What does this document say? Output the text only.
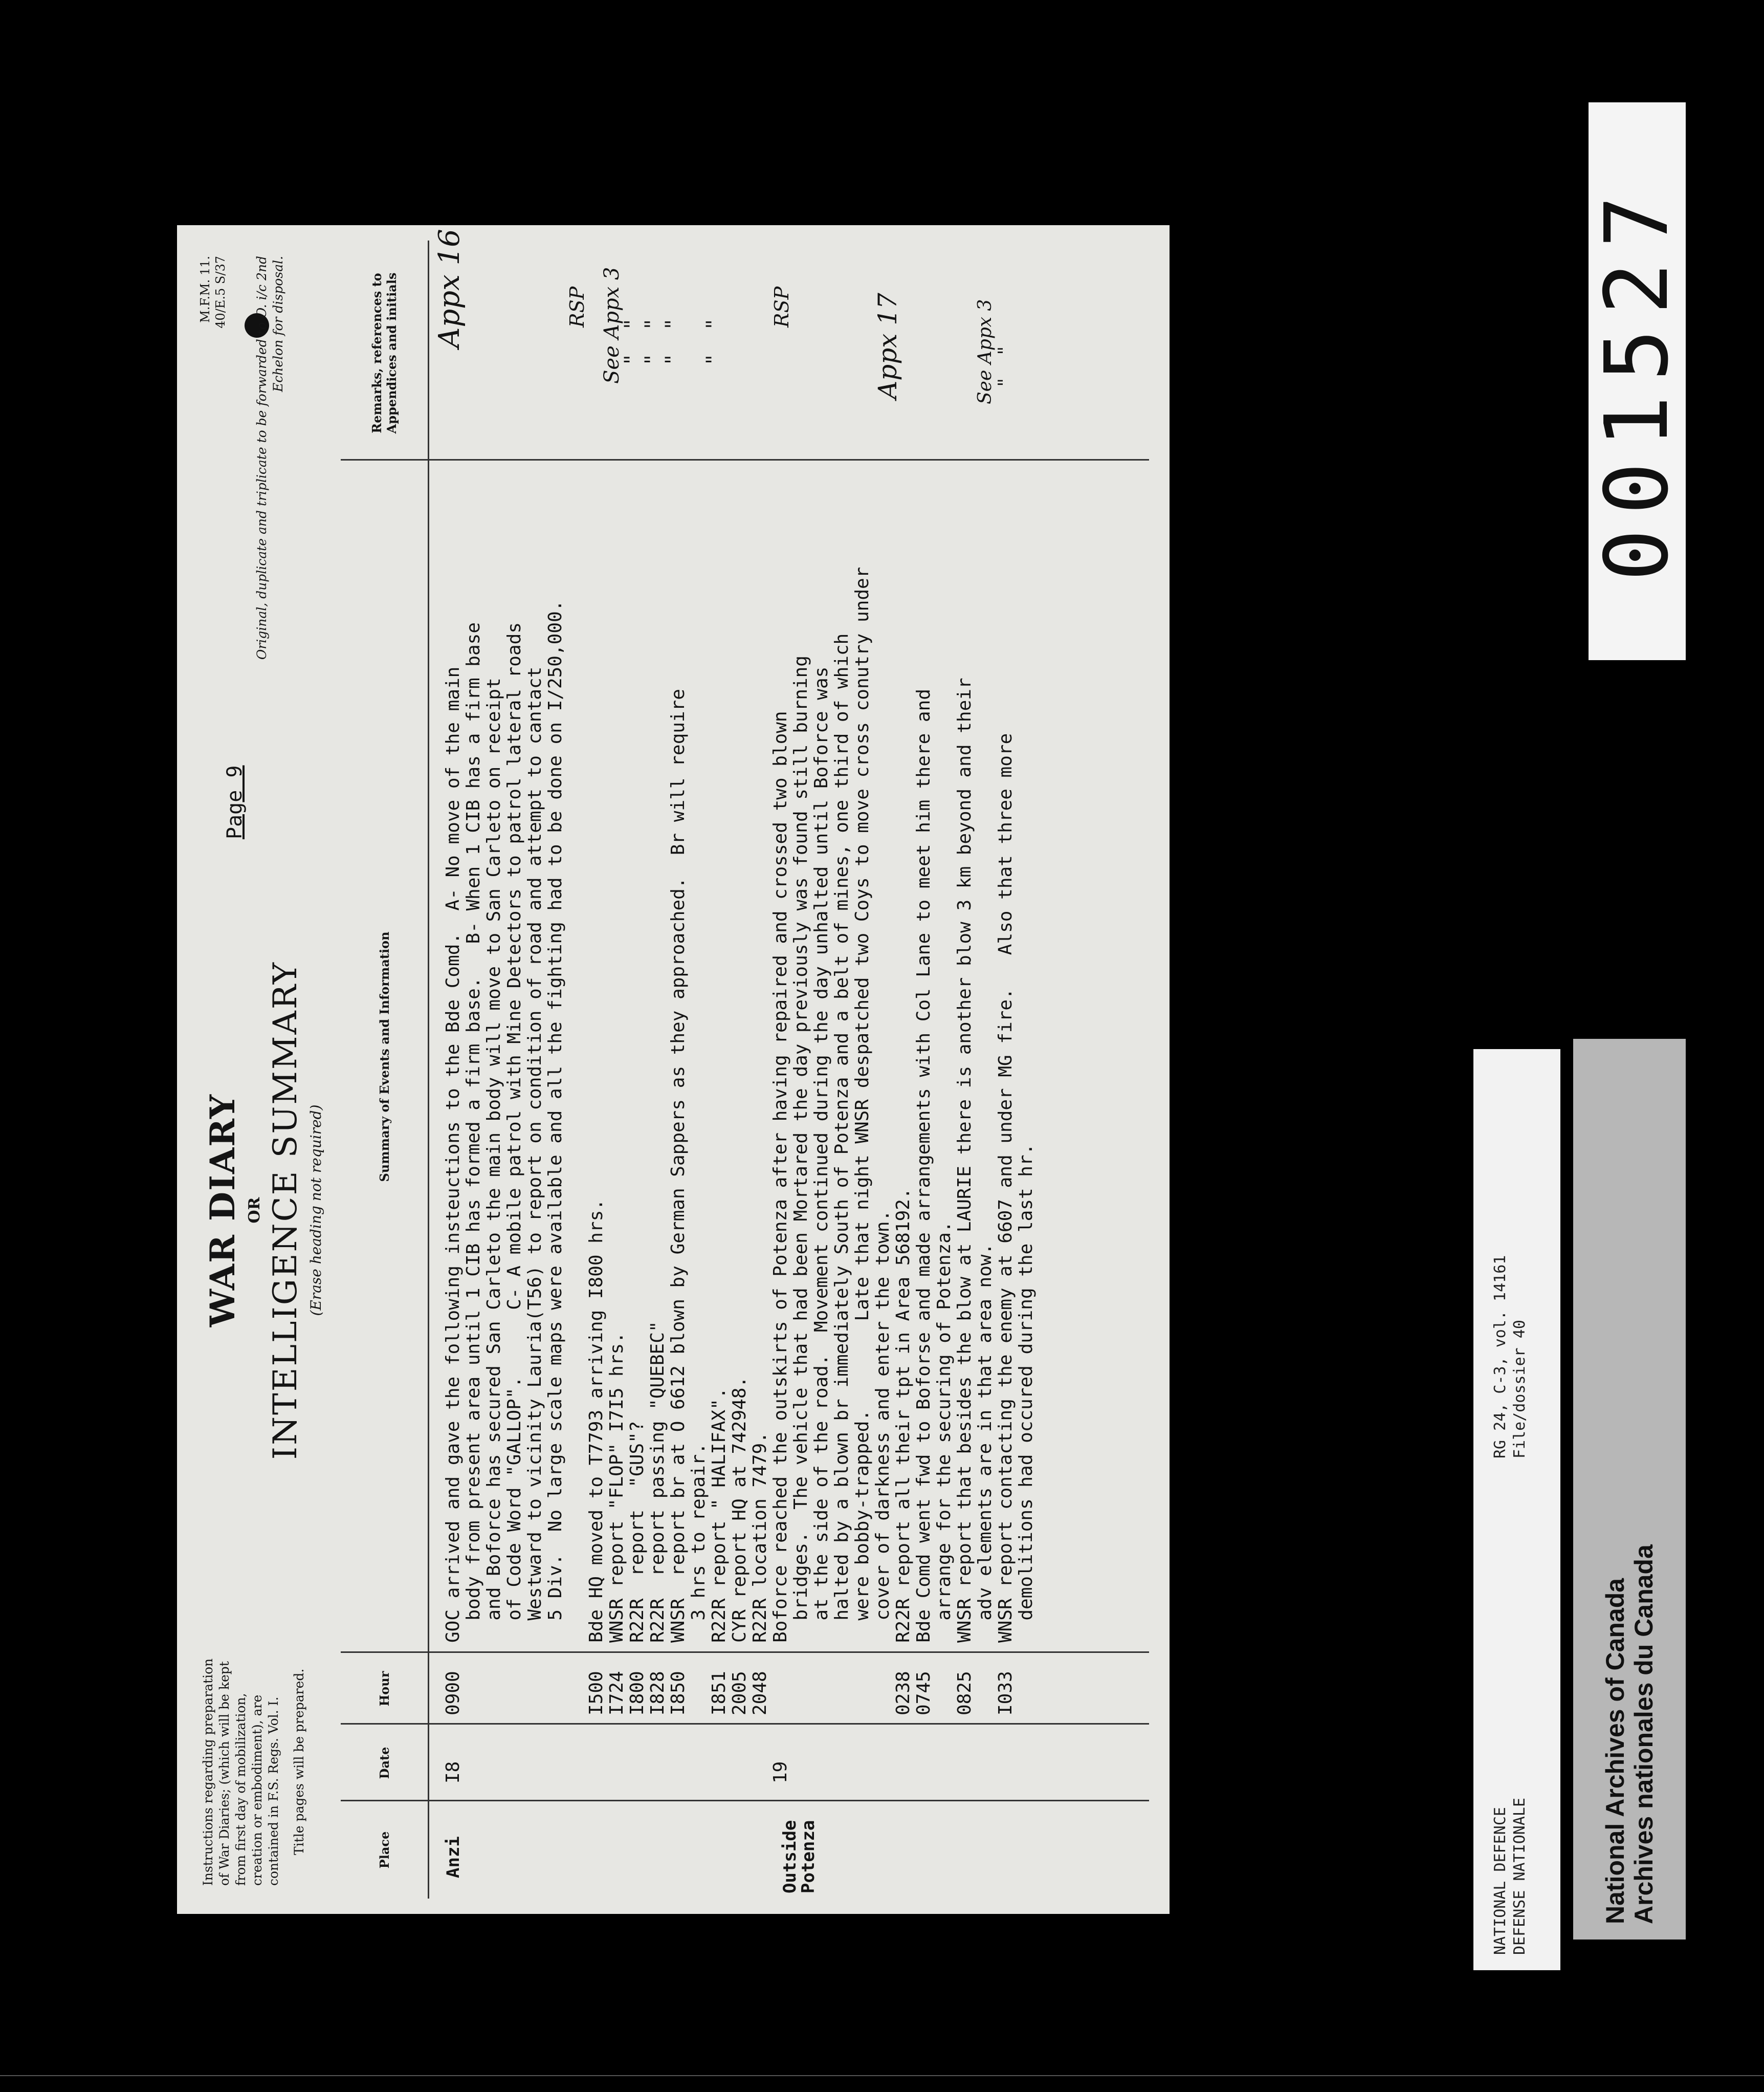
Instructions regarding preparation of War Diaries; (which will be kept from first day of mobilization, creation or embodiment), are contained in F.S. Regs. Vol. I. Title pages will be prepared.
WAR DIARY OR INTELLIGENCE SUMMARY (Erase heading not required)
Page 9
M.F.M. 11. 40/E.5 S/37 Original, duplicate and triplicate to be forwarded to O. i/c 2nd Echelon for disposal.
Place
Date
Hour
Summary of Events and Information
Remarks, references to Appendices and initials
Anzi
I8
0900
GOC arrived and gave the following insteuctions to the Bde Comd.  A- No move of the main
body from present area until 1 CIB has formed a firm base.   B- When 1 CIB has a firm base
and Boforce has secured San Carleto the main body will move to San Carleto on receipt
of Code Word "GALLOP".      C- A mobile patrol with Mine Detectors to patrol lateral roads
Westward to vicinity Lauria(T56) to report on condition of road and attempt to cantact
5 Div.  No large scale maps were available and all the fighting had to be done on I/250,000.
Appx 16	RSP
I500
I724
I800
I828
I850

I851
2005
2048
Bde HQ moved to T7793 arriving I800 hrs.
WNSR report "FLOP" I7I5 hrs.
R22R  report  "GUS"?
R22R  report passing "QUEBEC"
WNSR  report br at O 6612 blown by German Sappers as they approached.  Br will require
3 hrs to repair.
R22R report " HALIFAX".
CYR report HQ at 742948.
R22R location 7479.
See Appx 3
"    "
"    "
"    "

"    "
Outside Potenza
19
Boforce reached the outskirts of Potenza after having repaired and crossed two blown
bridges.  The vehicle that had been Mortared the day previously was found still burning
at the side of the road.  Movement continued during the day unhalted until Boforce was
halted by a blown br immediately South of Potenza and a belt of mines, one third of which
were bobby-trapped.        Late that night WNSR despatched two Coys to move cross conutry under
cover of darkness and enter the town.
RSP	Appx 17
0238
0745

0825

I033
R22R report all their tpt in Area 568192.
Bde Comd went fwd to Boforse and made arrangements with Col Lane to meet him there and
arrange for the securing of Potenza.
WNSR report that besides the blow at LAURIE there is another blow 3 km beyond and their
adv elements are in that area now.
WNSR report contacting the enemy at 6607 and under MG fire.   Also that three more
demolitions had occured during the last hr.
See Appx 3
"    "
NATIONAL DEFENCE DEFENSE NATIONALE
RG 24, C-3, vol. 14161 File/dossier 40
National Archives of Canada Archives nationales du Canada
001527
